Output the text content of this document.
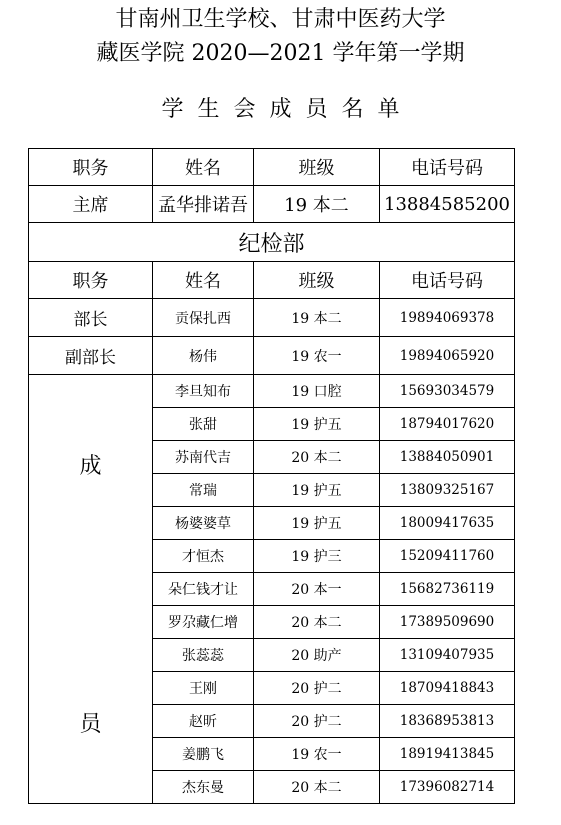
甘南州卫生学校、甘肃中医药大学
藏医学院 2020—2021 学年第一学期
学生会成员名单
职务	姓名	班级	电话号码
主席	孟华排诺吾	19 本二	13884585200
纪检部			
职务	姓名	班级	电话号码
部长	贡保扎西	19 本二	19894069378
副部长	杨伟	19 农一	19894065920

成
员	李旦知布	19 口腔	15693034579
	张甜	19 护五	18794017620
	苏南代吉	20 本二	13884050901
	常瑞	19 护五	13809325167
	杨婆婆草	19 护五	18009417635
	才恒杰	19 护三	15209411760
	朵仁钱才让	20 本一	15682736119
	罗尕藏仁增	20 本二	17389509690
	张蕊蕊	20 助产	13109407935
	王刚	20 护二	18709418843
	赵昕	20 护二	18368953813
	姜鹏飞	19 农一	18919413845
	杰东曼	20 本二	17396082714
